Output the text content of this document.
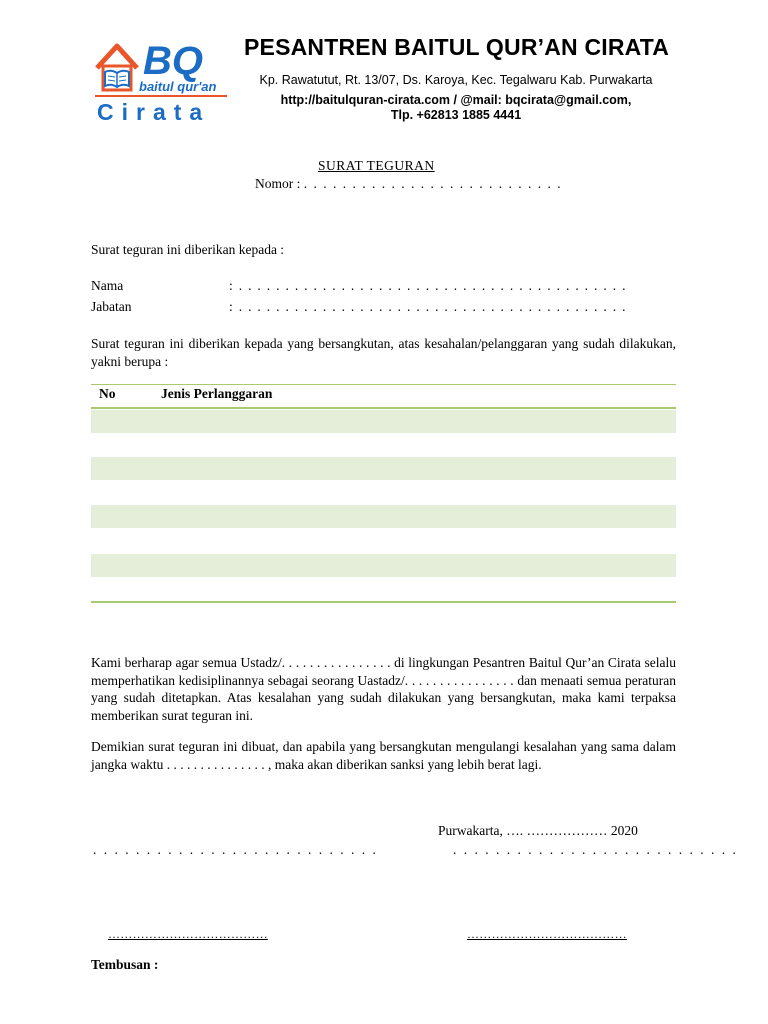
BQ
baitul qur'an
Cirata
PESANTREN BAITUL QUR’AN CIRATA
Kp. Rawatutut, Rt. 13/07, Ds. Karoya, Kec. Tegalwaru Kab. Purwakarta
http://baitulquran-cirata.com / @mail: bqcirata@gmail.com,
Tlp. +62813 1885 4441
SURAT TEGURAN
Nomor : . . . . . . . . . . . . . . . . . . . . . . . . . . .
Surat teguran ini diberikan kepada :
Nama	: . . . . . . . . . . . . . . . . . . . . . . . . . . . . . . . . . . . . . . . . . .
Jabatan	: . . . . . . . . . . . . . . . . . . . . . . . . . . . . . . . . . . . . . . . . . .
Surat teguran ini diberikan kepada yang bersangkutan, atas kesahalan/pelanggaran yang sudah dilakukan, yakni berupa :
No	Jenis Perlanggaran
Kami berharap agar semua Ustadz/. . . . . . . . . . . . . . . . di lingkungan Pesantren Baitul Qur’an Cirata selalu memperhatikan kedisiplinannya sebagai seorang Uastadz/. . . . . . . . . . . . . . . . dan menaati semua peraturan yang sudah ditetapkan. Atas kesalahan yang sudah dilakukan yang bersangkutan, maka kami terpaksa memberikan surat teguran ini.
Demikian surat teguran ini dibuat, dan apabila yang bersangkutan mengulangi kesalahan yang sama dalam jangka waktu . . . . . . . . . . . . . . . , maka akan diberikan sanksi yang lebih berat lagi.
Purwakarta, …. ……………… 2020
. . . . . . . . . . . . . . . . . . . . . . . . . . .	. . . . . . . . . . . . . . . . . . . . . . . . . . .
…………………………………	…………………………………
Tembusan :
